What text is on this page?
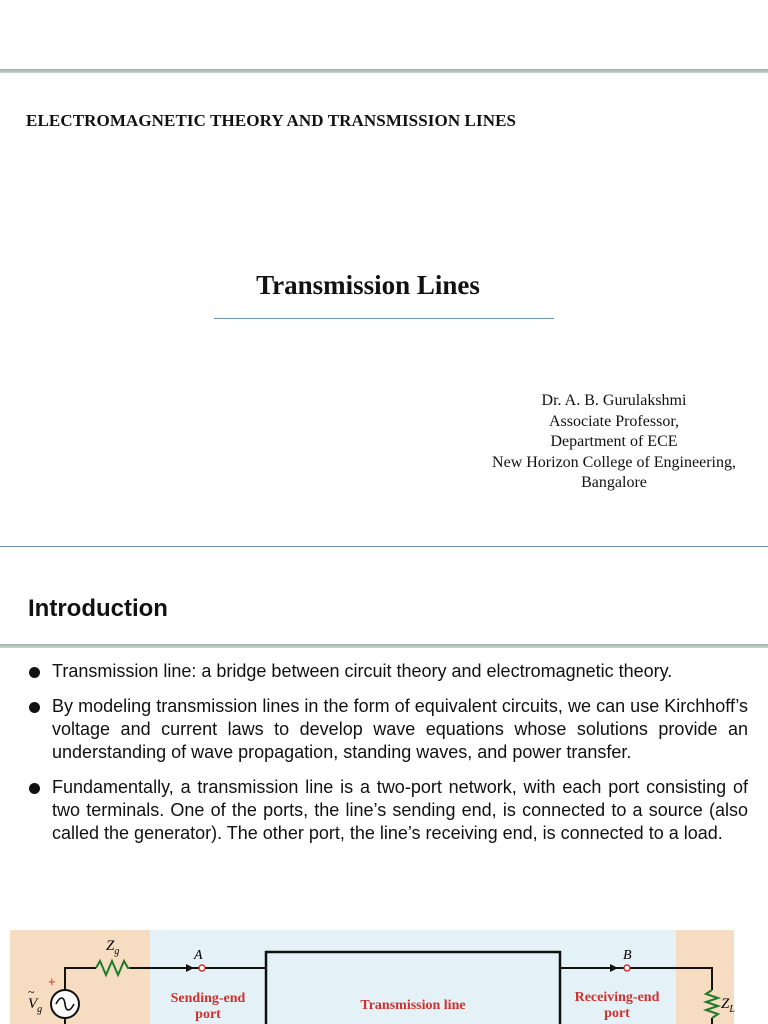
ELECTROMAGNETIC THEORY AND TRANSMISSION LINES
Transmission Lines
Dr. A. B. Gurulakshmi
Associate Professor,
Department of ECE
New Horizon College of Engineering,
Bangalore
Introduction
Transmission line: a bridge between circuit theory and electromagnetic theory.
By modeling transmission lines in the form of equivalent circuits, we can use Kirchhoff’s voltage and current laws to develop wave equations whose solutions provide an understanding of wave propagation, standing waves, and power transfer.
Fundamentally, a transmission line is a two-port network, with each port consisting of two terminals. One of the ports, the line’s sending end, is connected to a source (also called the generator). The other port, the line’s receiving end, is connected to a load.
$Z_g$
+
~
$V_g$
A
Transmission line
Sending-end
port
B
Receiving-end
port
$Z_L$
